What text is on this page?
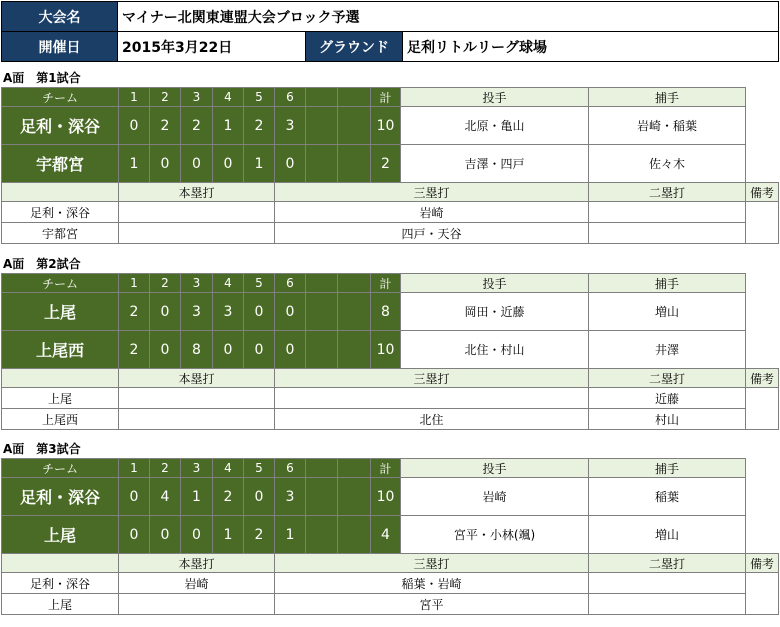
大会名	マイナー北関東連盟大会ブロック予選		
開催日	2015年3月22日	グラウンド	足利リトルリーグ球場
A面　第1試合
チーム	1	2	3	4	5	6			計	投手	捕手	
足利・深谷	0	2	2	1	2	3			10	北原・亀山	岩崎・稲葉	
宇都宮	1	0	0	0	1	0			2	吉澤・四戸	佐々木	
	本塁打					三塁打					二塁打	備考
足利・深谷						岩崎						
宇都宮						四戸・天谷						
A面　第2試合
チーム	1	2	3	4	5	6			計	投手	捕手	
上尾	2	0	3	3	0	0			8	岡田・近藤	増山	
上尾西	2	0	8	0	0	0			10	北住・村山	井澤	
	本塁打					三塁打					二塁打	備考
上尾											近藤	
上尾西						北住					村山	
A面　第3試合
チーム	1	2	3	4	5	6			計	投手	捕手	
足利・深谷	0	4	1	2	0	3			10	岩崎	稲葉	
上尾	0	0	0	1	2	1			4	宮平・小林(颯)	増山	
	本塁打					三塁打					二塁打	備考
足利・深谷	岩崎					稲葉・岩崎						
上尾						宮平						
